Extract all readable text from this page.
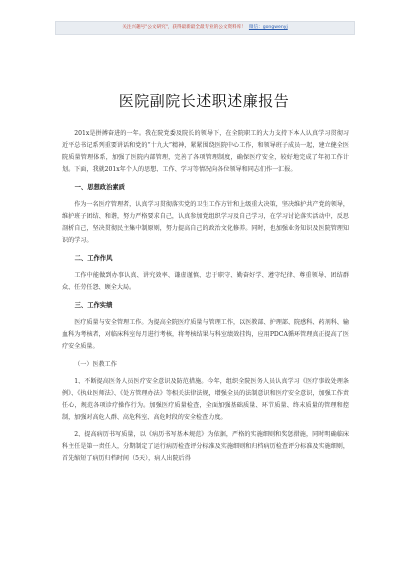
关注兴趣号"公文研究"，获得最新最全最专业的公文资料库！ 微信：gongwenyj
医院副院长述职述廉报告

201x是拼搏奋进的一年。我在院党委及院长的领导下，在全院职工的大力支持下本人认真学习贯彻习近平总书记系列重要讲话和党的“十九大”精神，紧紧围绕医院中心工作，和领导班子成员一起，建立健全医院质量管理体系，加强了医院内部管理，完善了各项管理制度，确保医疗安全，较好地完成了年初工作计划。下面，我就201x年个人的思想、工作、学习等情况向各位领导和同志们作一汇报。

一、思想政治素质

作为一名医疗管理者，认真学习贯彻落实党的卫生工作方针和上级重大决策，坚决维护共产党的领导，维护班子团结、和谐，努力严格要求自己，认真参加党组织学习及自己学习，在学习讨论落实活动中，反思剖析自己，坚决贯彻民主集中制原则，努力提高自己的政治文化修养。同时，也加强业务知识及医院管理知识的学习。

二、工作作风

工作中能做到办事认真、讲究效率、谦虚谨慎、忠于职守、勤奋好学、遵守纪律、尊重领导、团结群众、任劳任怨、顾全大局。

三、工作实绩

医疗质量与安全管理工作。为提高全院医疗质量与管理工作，以医教部、护理部、院感科、药剂科、输血科为考核者，对临床科室每月进行考核，将考核结果与科室绩效挂钩，应用PDCA循环管理真正提高了医疗安全质量。

（一）医教工作

1、不断提高医务人员医疗安全意识及防范措施。今年，组织全院医务人员认真学习《医疗事故处理条例》、《执业医师法》、《处方管理办法》等相关法律法规，增强全员的法制意识和医疗安全意识，加强工作责任心，规范各项诊疗操作行为。加强医疗质量检查，全面加强基础质量、环节质量、终末质量的管理和控制，加强对高危人群、高危科室、高危时段的安全检查力度。

2、提高病历书写质量，以《病历书写基本规范》为依据，严格的实施细则和奖惩措施，同时明确临床科主任是第一责任人，分期制定了运行病历检查评分标准及实施细则和归档病历检查评分标准及实施细则，首先缩短了病历归档时间（5天），病人出院后得
